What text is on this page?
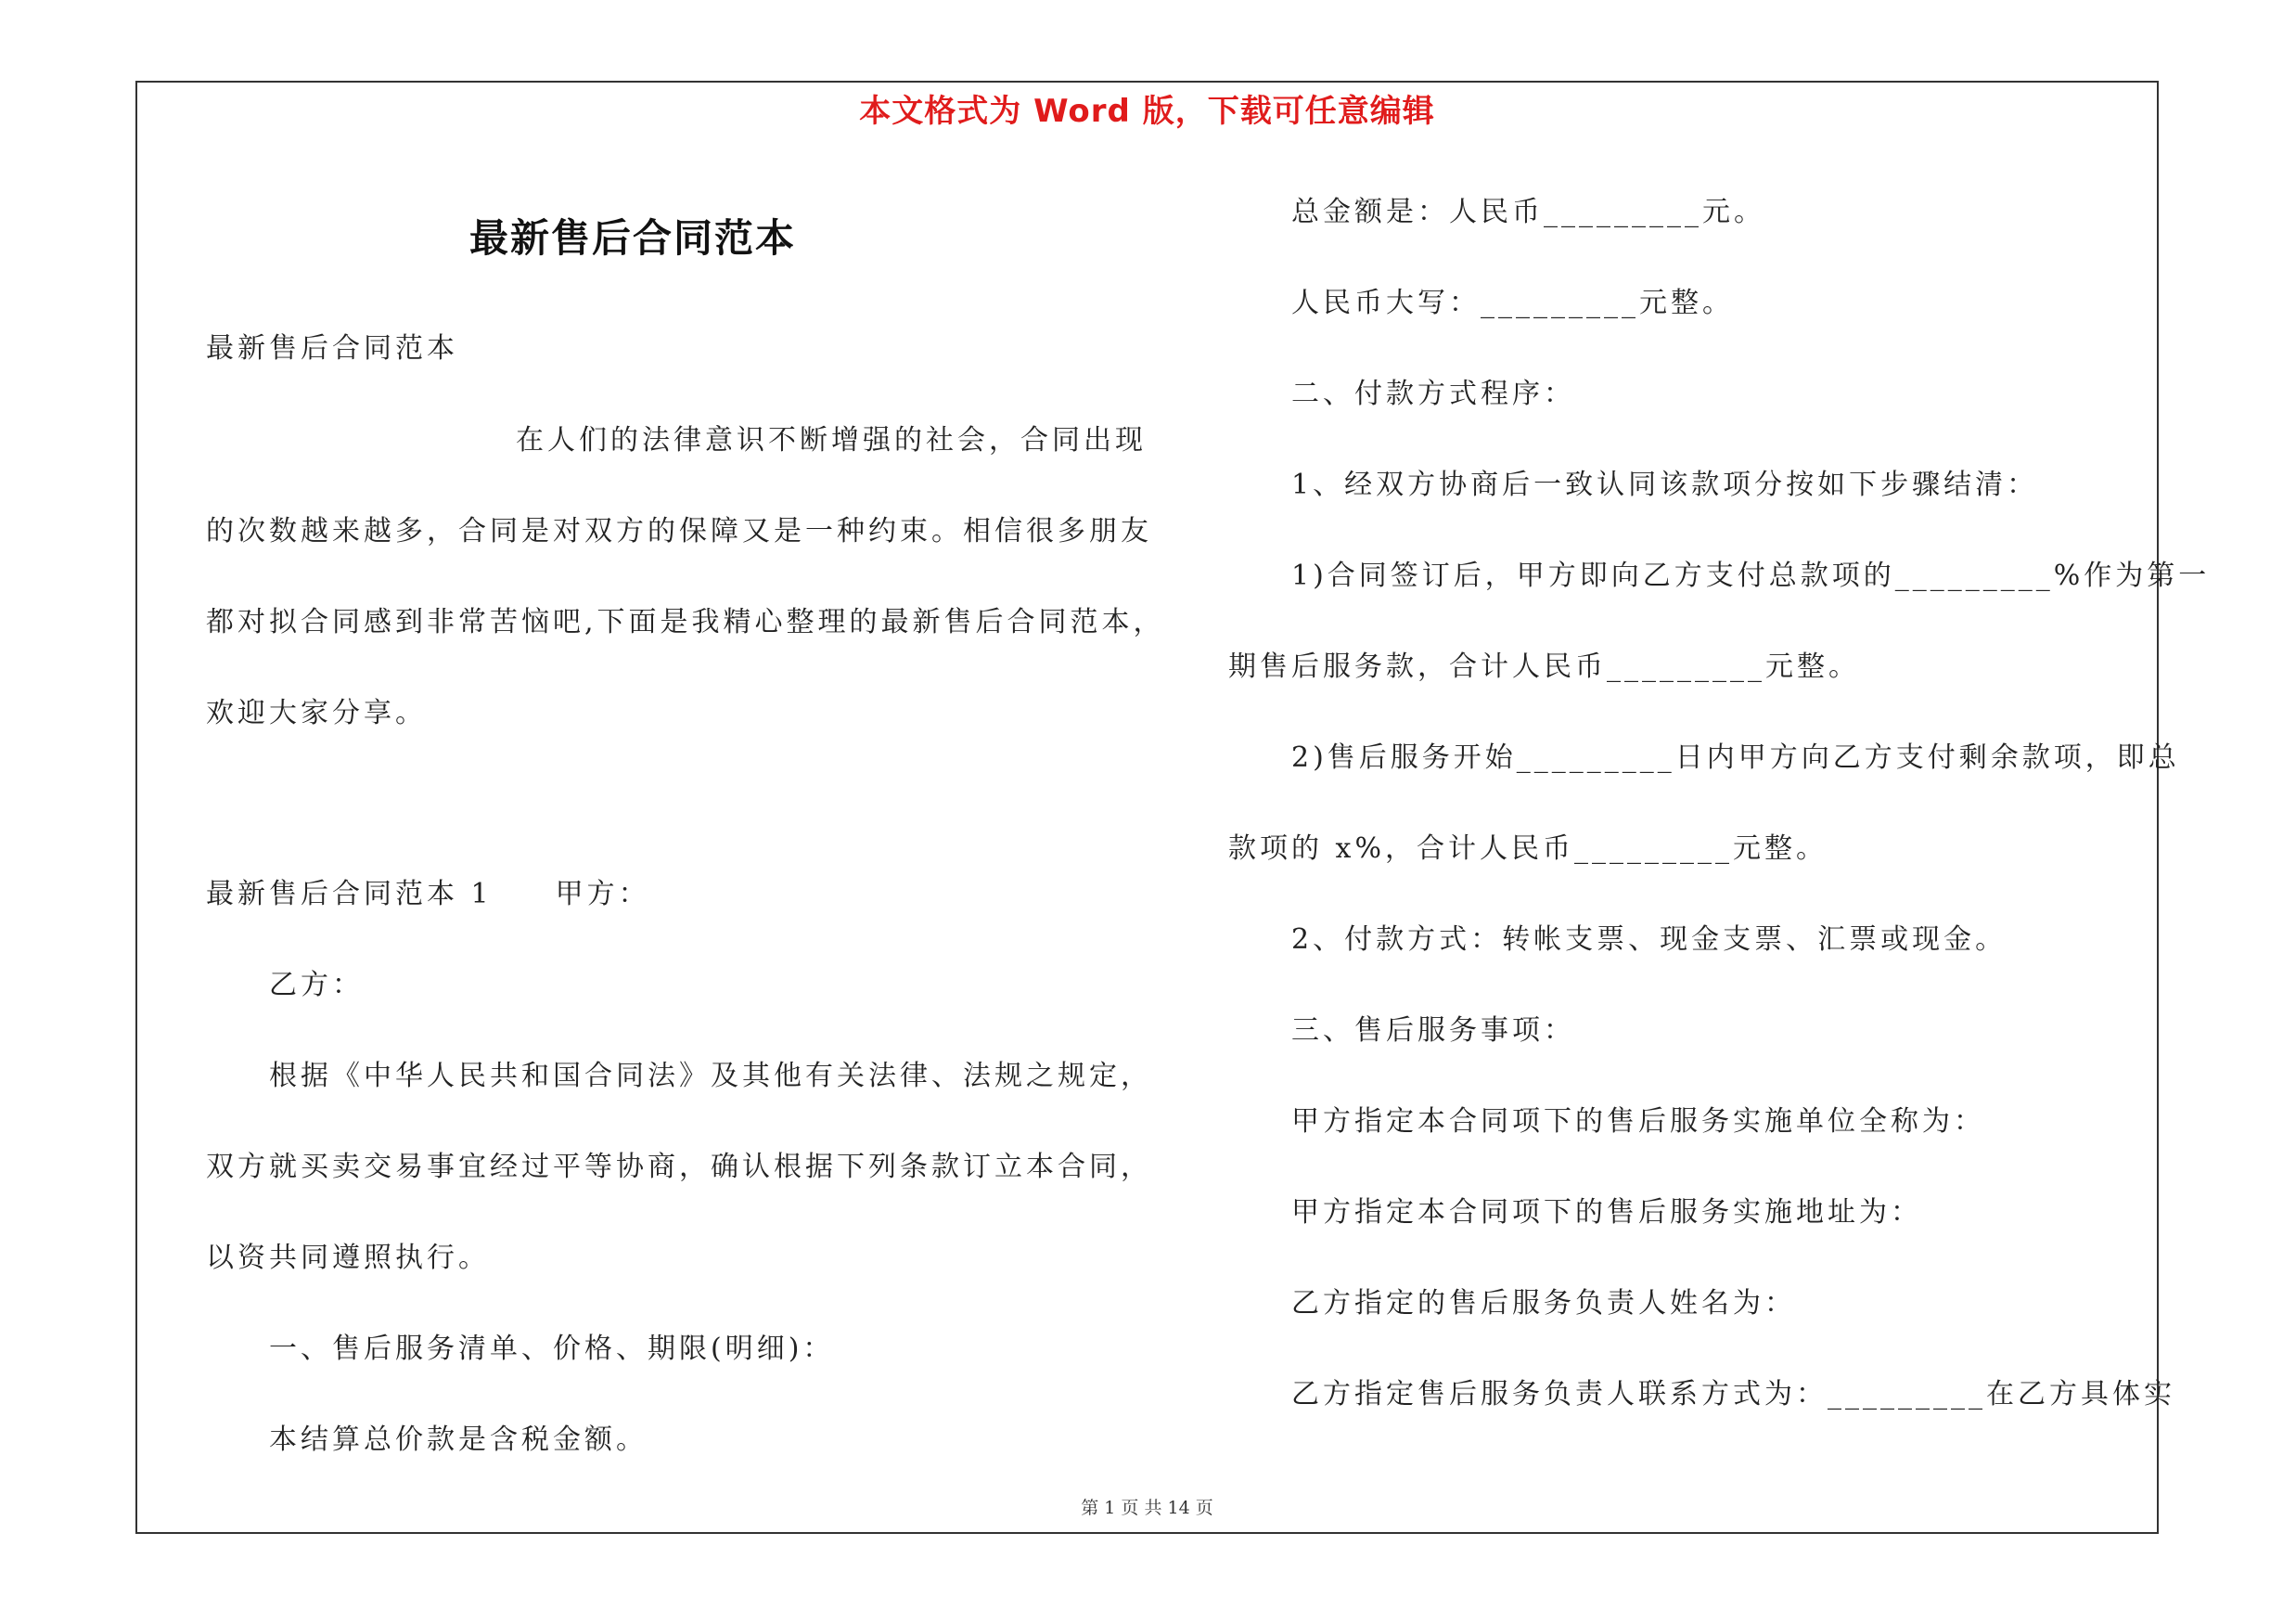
本文格式为 Word 版，下载可任意编辑
最新售后合同范本
最新售后合同范本
在人们的法律意识不断增强的社会，合同出现
的次数越来越多，合同是对双方的保障又是一种约束。相信很多朋友
都对拟合同感到非常苦恼吧,下面是我精心整理的最新售后合同范本，
欢迎大家分享。
最新售后合同范本 1　　甲方：
乙方：
根据《中华人民共和国合同法》及其他有关法律、法规之规定，
双方就买卖交易事宜经过平等协商，确认根据下列条款订立本合同，
以资共同遵照执行。
一、售后服务清单、价格、期限(明细)：
本结算总价款是含税金额。
总金额是：人民币_________元。
人民币大写：_________元整。
二、付款方式程序：
1、经双方协商后一致认同该款项分按如下步骤结清：
1)合同签订后，甲方即向乙方支付总款项的_________%作为第一
期售后服务款，合计人民币_________元整。
2)售后服务开始_________日内甲方向乙方支付剩余款项，即总
款项的 x%，合计人民币_________元整。
2、付款方式：转帐支票、现金支票、汇票或现金。
三、售后服务事项：
甲方指定本合同项下的售后服务实施单位全称为：
甲方指定本合同项下的售后服务实施地址为：
乙方指定的售后服务负责人姓名为：
乙方指定售后服务负责人联系方式为：_________在乙方具体实
第 1 页 共 14 页
